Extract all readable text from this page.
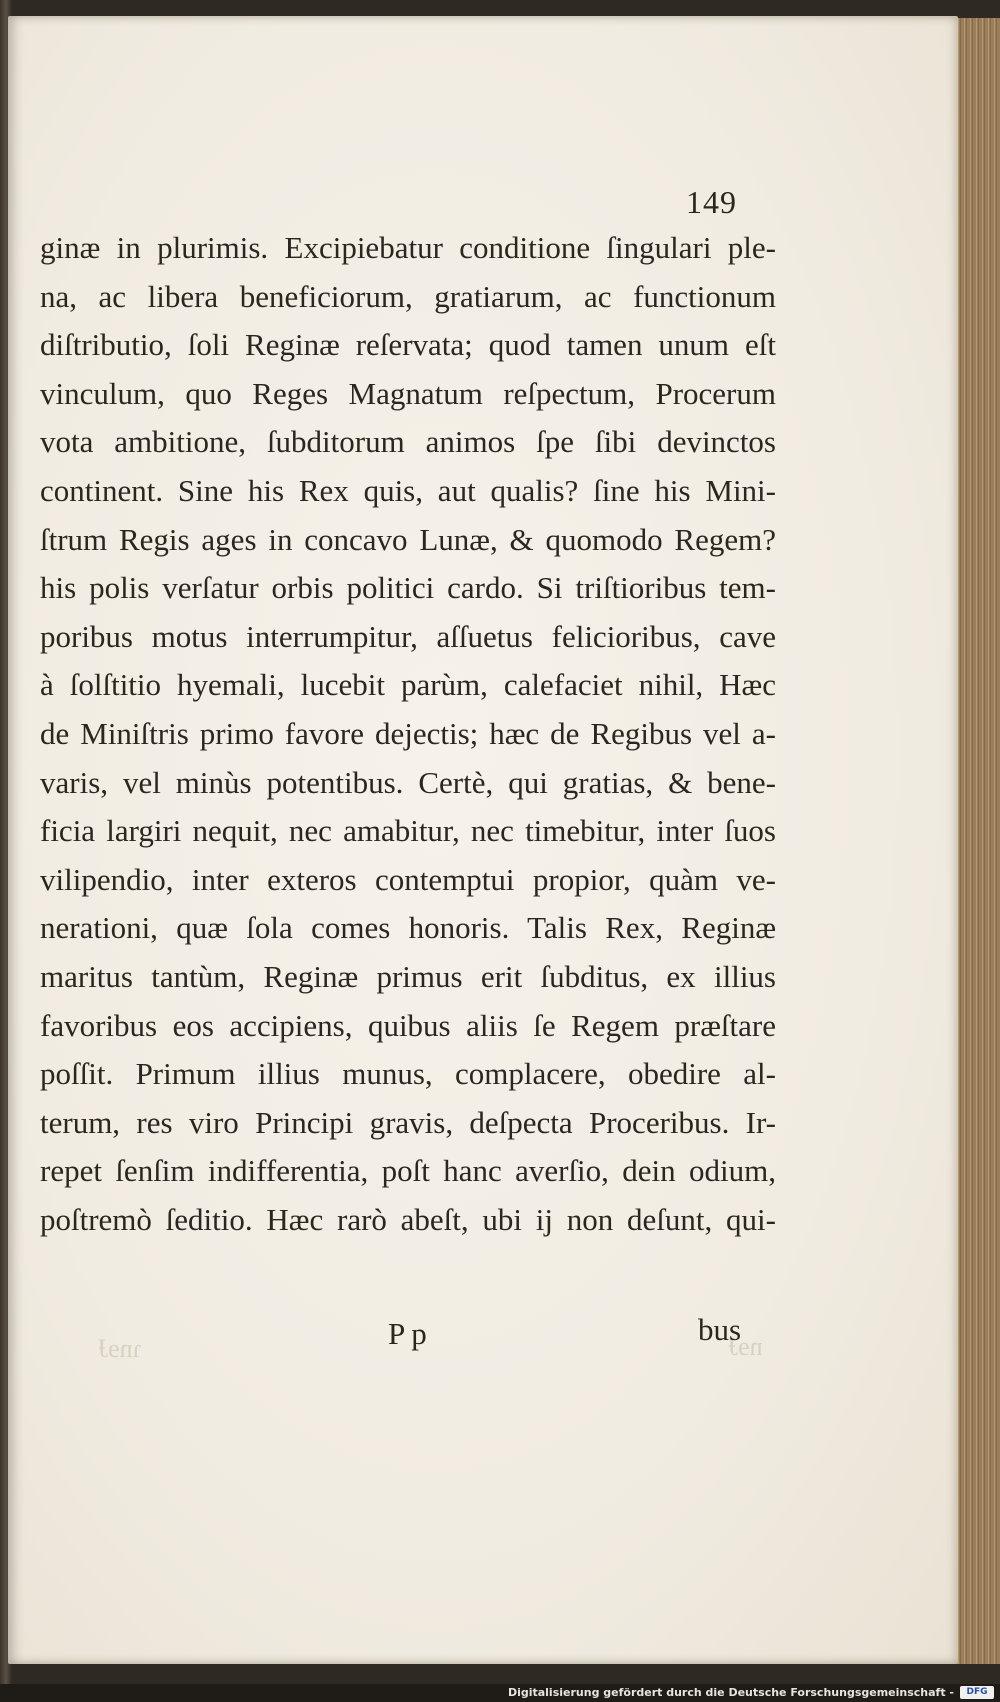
ɿnɘɈ	nɘɈ
149
ginæ in plurimis. Excipiebatur conditione ſingulari ple-
na, ac libera beneficiorum, gratiarum, ac functionum
diſtributio, ſoli Reginæ reſervata; quod tamen unum eſt
vinculum, quo Reges Magnatum reſpectum, Procerum
vota ambitione, ſubditorum animos ſpe ſibi devinctos
continent. Sine his Rex quis, aut qualis? ſine his Mini-
ſtrum Regis ages in concavo Lunæ, & quomodo Regem?
his polis verſatur orbis politici cardo. Si triſtioribus tem-
poribus motus interrumpitur, aſſuetus felicioribus, cave
à ſolſtitio hyemali, lucebit parùm, calefaciet nihil, Hæc
de Miniſtris primo favore dejectis; hæc de Regibus vel a-
varis, vel minùs potentibus. Certè, qui gratias, & bene-
ficia largiri nequit, nec amabitur, nec timebitur, inter ſuos
vilipendio, inter exteros contemptui propior, quàm ve-
nerationi, quæ ſola comes honoris. Talis Rex, Reginæ
maritus tantùm, Reginæ primus erit ſubditus, ex illius
favoribus eos accipiens, quibus aliis ſe Regem præſtare
poſſit. Primum illius munus, complacere, obedire al-
terum, res viro Principi gravis, deſpecta Proceribus. Ir-
repet ſenſim indifferentia, poſt hanc averſio, dein odium,
poſtremò ſeditio. Hæc rarò abeſt, ubi ij non deſunt, qui-
Pp	bus
Digitalisierung gefördert durch die Deutsche Forschungsgemeinschaft -	DFG
